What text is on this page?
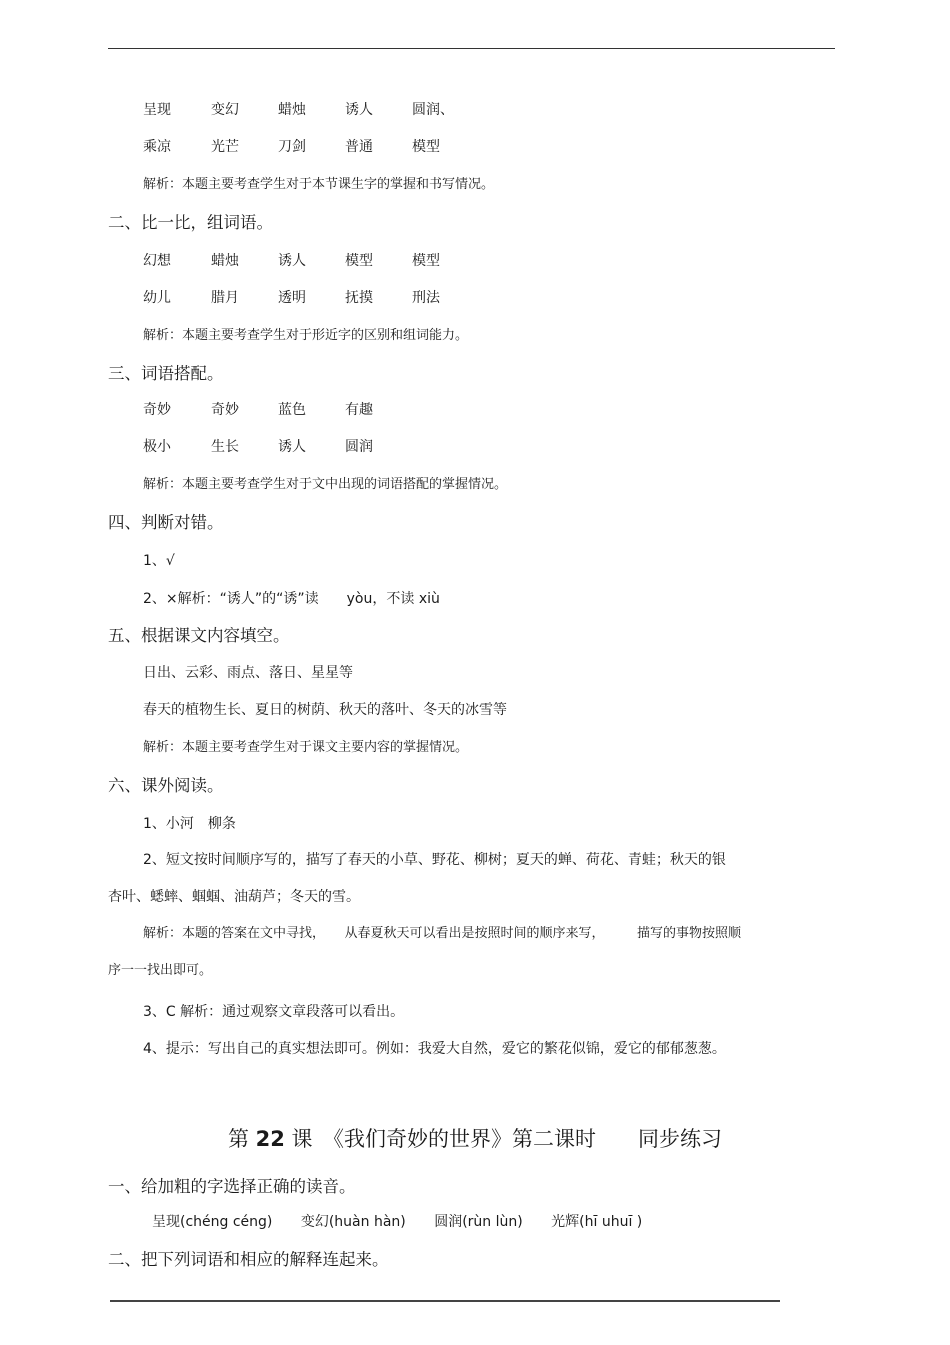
呈现	变幻	蜡烛	诱人	圆润、
乘凉	光芒	刀剑	普通	模型
解析：本题主要考查学生对于本节课生字的掌握和书写情况。
二、比一比，组词语。
幻想	蜡烛	诱人	模型	模型
幼儿	腊月	透明	抚摸	刑法
解析：本题主要考查学生对于形近字的区别和组词能力。
三、词语搭配。
奇妙	奇妙	蓝色	有趣
极小	生长	诱人	圆润
解析：本题主要考查学生对于文中出现的词语搭配的掌握情况。
四、判断对错。
1、√
2、×解析：“诱人”的“诱”读　　yòu，不读 xiù
五、根据课文内容填空。
日出、云彩、雨点、落日、星星等
春天的植物生长、夏日的树荫、秋天的落叶、冬天的冰雪等
解析：本题主要考查学生对于课文主要内容的掌握情况。
六、课外阅读。
1、小河　柳条
2、短文按时间顺序写的，描写了春天的小草、野花、柳树；夏天的蝉、荷花、青蛙；秋天的银
杏叶、蟋蟀、蝈蝈、油葫芦；冬天的雪。
解析：本题的答案在文中寻找，　　从春夏秋天可以看出是按照时间的顺序来写，　　　描写的事物按照顺
序一一找出即可。
3、C 解析：通过观察文章段落可以看出。
4、提示：写出自己的真实想法即可。例如：我爱大自然，爱它的繁花似锦，爱它的郁郁葱葱。
第 22 课　《我们奇妙的世界》第二课时　　同步练习
一、给加粗的字选择正确的读音。
呈现(chéng céng) 变幻(huàn hàn) 圆润(rùn lùn) 光辉(hī uhuī )
二、把下列词语和相应的解释连起来。
